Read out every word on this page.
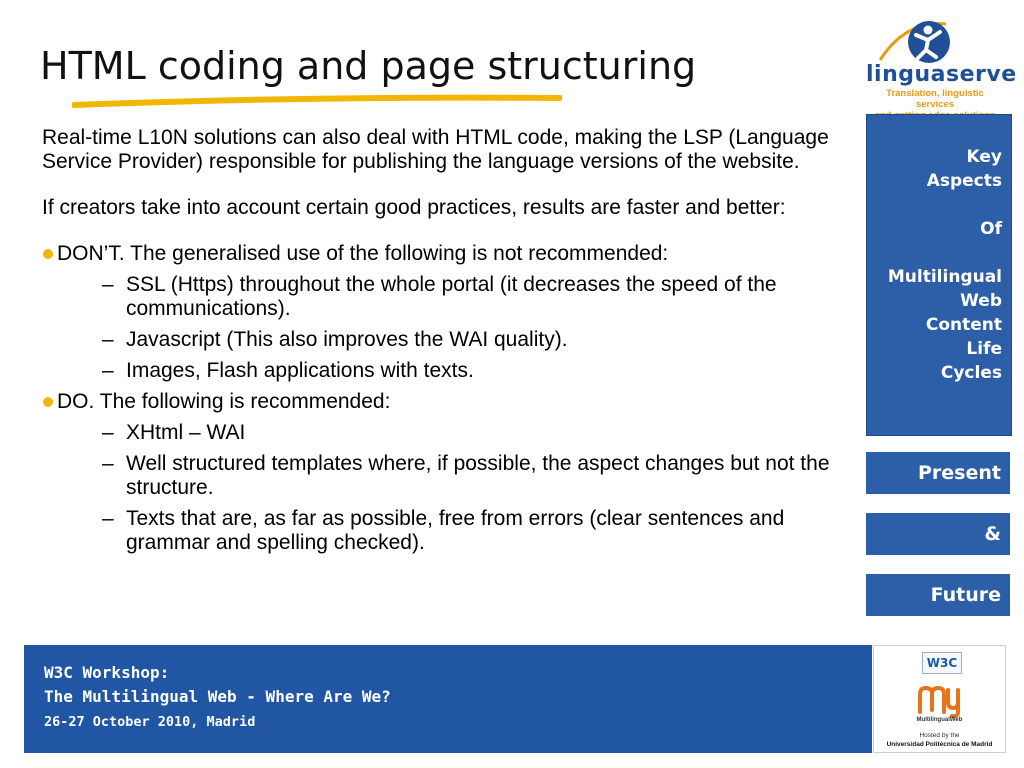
HTML coding and page structuring

Real-time L10N solutions can also deal with HTML code, making the LSP (Language Service Provider) responsible for publishing the language versions of the website.

If creators take into account certain good practices, results are faster and better:

DON’T. The generalised use of the following is not recommended:
– SSL (Https) throughout the whole portal (it decreases the speed of the communications).
– Javascript (This also improves the WAI quality).
– Images, Flash applications with texts.
DO. The following is recommended:
– XHtml – WAI
– Well structured templates where, if possible, the aspect changes but not the structure.
– Texts that are, as far as possible, free from errors (clear sentences and grammar and spelling checked).
linguaserve
Translation, linguistic services
Key
Aspects
Of
Multilingual
Web
Content
Life
Cycles
Present
&
Future
W3C Workshop:
The Multilingual Web - Where Are We?
26-27 October 2010, Madrid
W3C
MultilingualWeb
Hosted by the
Universidad Politécnica de Madrid
